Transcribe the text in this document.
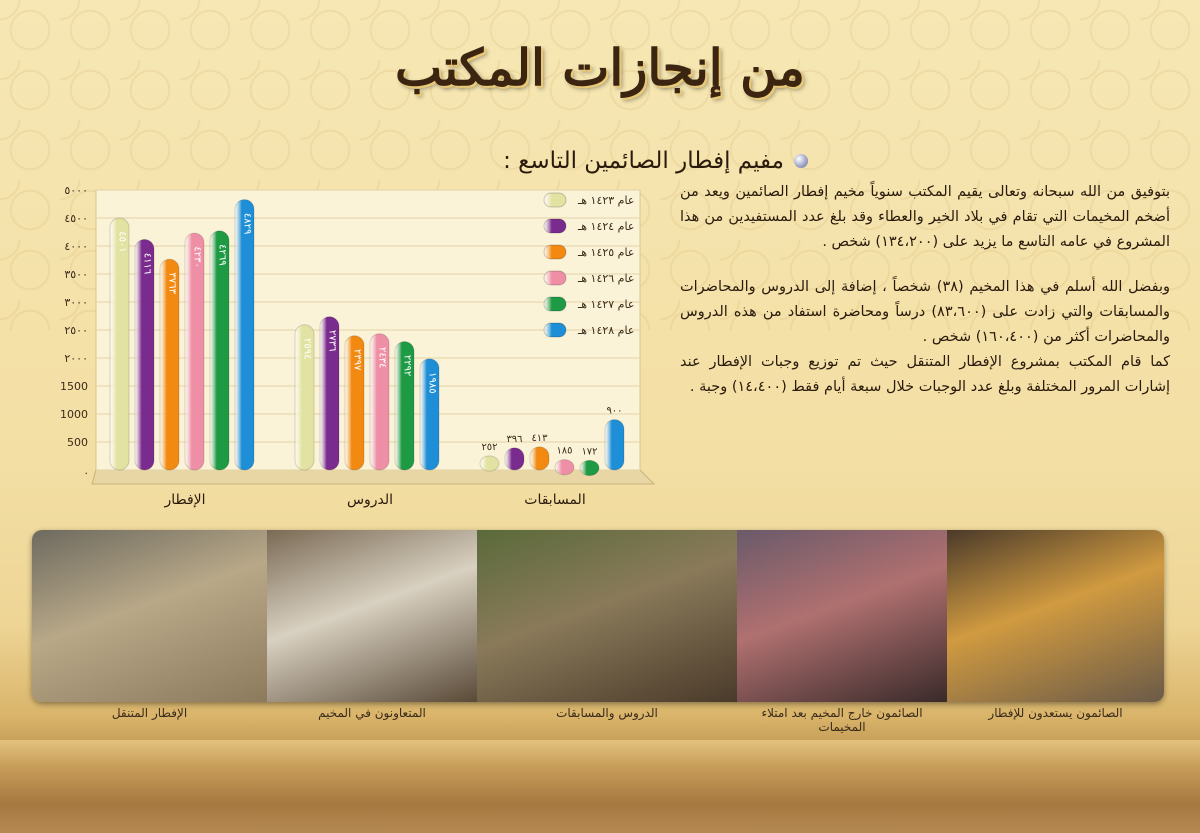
من إنجازات المكتب
مفيم إفطار الصائمين التاسع :

بتوفيق من الله سبحانه وتعالى يقيم المكتب سنوياً مخيم إفطار الصائمين ويعد من أضخم المخيمات التي تقام في بلاد الخير والعطاء وقد بلغ عدد المستفيدين من هذا المشروع في عامه التاسع ما يزيد على (١٣٤،٢٠٠) شخص .

وبفضل الله أسلم في هذا المخيم (٣٨) شخصاً ، إضافة إلى الدروس والمحاضرات والمسابقات والتي زادت على (٨٣،٦٠٠) درساً ومحاضرة استفاد من هذه الدروس والمحاضرات أكثر من (١٦٠،٤٠٠) شخص .

كما قام المكتب بمشروع الإفطار المتنقل حيث تم توزيع وجبات الإفطار عند إشارات المرور المختلفة وبلغ عدد الوجبات خلال سبعة أيام فقط (١٤،٤٠٠) وجبة .

٥٠٠٠
٤٥٠٠
٤٠٠٠
٣٥٠٠
٣٠٠٠
٢٥٠٠
٢٠٠٠
1500
1000
500
.
٤٥٠١
٤١١٦
٣٧٦٣
٤٢٣٠ ٤٢٦٩
٤٨٢٩
الإفطار
٢٥٩٤ ٢٧٣٦
٢٣٩٧ ٢٤٣٤ ٢٢٩٢
١٩٨٥
الدروس
٢٥٢
٣٩٦ ٤١٣
١٨٥ ١٧٢
٩٠٠
المسابقات
عام ١٤٢٣ هـ
عام ١٤٢٤ هـ
عام ١٤٢٥ هـ
عام ١٤٢٦ هـ
عام ١٤٢٧ هـ
عام ١٤٢٨ هـ
الصائمون يستعدون للإفطار
الصائمون خارج المخيم بعد امتلاء المخيمات
الدروس والمسابقات
المتعاونون في المخيم
الإفطار المتنقل
